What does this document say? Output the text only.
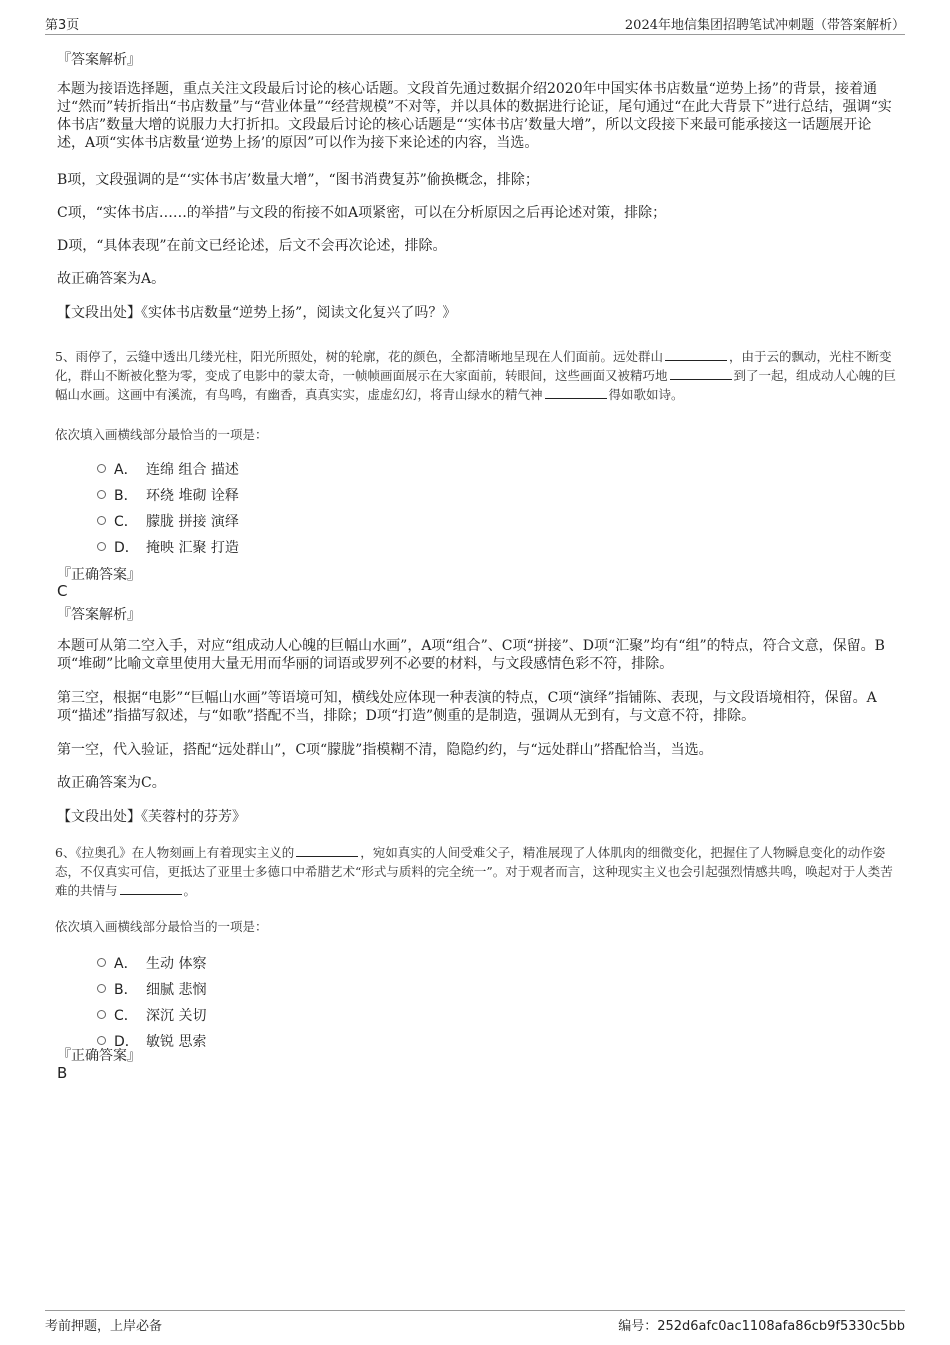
第3页	2024年地信集团招聘笔试冲刺题（带答案解析）
『答案解析』
本题为接语选择题，重点关注文段最后讨论的核心话题。文段首先通过数据介绍2020年中国实体书店数量“逆势上扬”的背景，接着通过“然而”转折指出“书店数量”与“营业体量”“经营规模”不对等，并以具体的数据进行论证，尾句通过“在此大背景下”进行总结，强调“实体书店”数量大增的说服力大打折扣。文段最后讨论的核心话题是“‘实体书店’数量大增”，所以文段接下来最可能承接这一话题展开论述，A项“实体书店数量‘逆势上扬’的原因”可以作为接下来论述的内容，当选。
B项，文段强调的是“‘实体书店’数量大增”，“图书消费复苏”偷换概念，排除；
C项，“实体书店……的举措”与文段的衔接不如A项紧密，可以在分析原因之后再论述对策，排除；
D项，“具体表现”在前文已经论述，后文不会再次论述，排除。
故正确答案为A。
【文段出处】《实体书店数量“逆势上扬”，阅读文化复兴了吗？》
5、雨停了，云缝中透出几缕光柱，阳光所照处，树的轮廓，花的颜色，全都清晰地呈现在人们面前。远处群山	，由于云的飘动，光柱不断变化，群山不断被化整为零，变成了电影中的蒙太奇，一帧帧画面展示在大家面前，转眼间，这些画面又被精巧地	到了一起，组成动人心魄的巨幅山水画。这画中有溪流，有鸟鸣，有幽香，真真实实，虚虚幻幻，将青山绿水的精气神	得如歌如诗。
依次填入画横线部分最恰当的一项是：
A． 连绵 组合 描述
B． 环绕 堆砌 诠释
C． 朦胧 拼接 演绎
D． 掩映 汇聚 打造
『正确答案』
C
『答案解析』
本题可从第二空入手，对应“组成动人心魄的巨幅山水画”，A项“组合”、C项“拼接”、D项“汇聚”均有“组”的特点，符合文意，保留。B项“堆砌”比喻文章里使用大量无用而华丽的词语或罗列不必要的材料，与文段感情色彩不符，排除。
第三空，根据“电影”“巨幅山水画”等语境可知，横线处应体现一种表演的特点，C项“演绎”指铺陈、表现，与文段语境相符，保留。A项“描述”指描写叙述，与“如歌”搭配不当，排除；D项“打造”侧重的是制造，强调从无到有，与文意不符，排除。
第一空，代入验证，搭配“远处群山”，C项“朦胧”指模糊不清，隐隐约约，与“远处群山”搭配恰当，当选。
故正确答案为C。
【文段出处】《芙蓉村的芬芳》
6、《拉奥孔》在人物刻画上有着现实主义的	，宛如真实的人间受难父子，精准展现了人体肌肉的细微变化，把握住了人物瞬息变化的动作姿态，不仅真实可信，更抵达了亚里士多德口中希腊艺术“形式与质料的完全统一”。对于观者而言，这种现实主义也会引起强烈情感共鸣，唤起对于人类苦难的共情与	。
依次填入画横线部分最恰当的一项是：
A． 生动 体察
B． 细腻 悲悯
C． 深沉 关切
D． 敏锐 思索
『正确答案』
B
考前押题，上岸必备	编号：252d6afc0ac1108afa86cb9f5330c5bb
